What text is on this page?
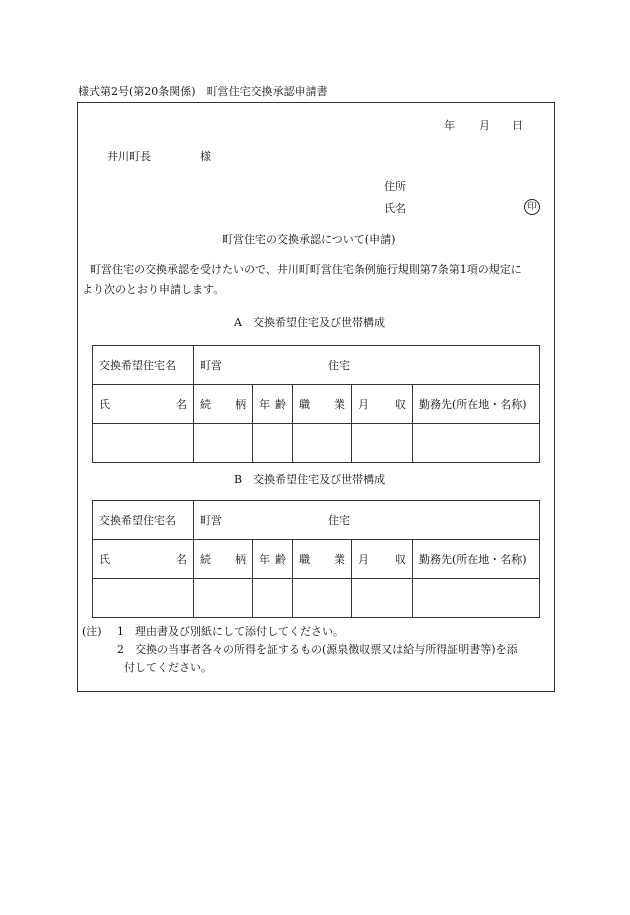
様式第2号(第20条関係)　町営住宅交換承認申請書
年 月 日
井川町長	様
住所
氏名	印
町営住宅の交換承認について(申請)
町営住宅の交換承認を受けたいので、井川町町営住宅条例施行規則第7条第1項の規定に
より次のとおり申請します。
A　交換希望住宅及び世帯構成
交換希望住宅名	町営 住宅				

氏 名	続 柄	年 齢	職 業	月 収	勤務先(所在地・名称)

B　交換希望住宅及び世帯構成
交換希望住宅名	町営 住宅				

氏 名	続 柄	年 齢	職 業	月 収	勤務先(所在地・名称)

(注) 1　理由書及び別紙にして添付してください。
2　交換の当事者各々の所得を証するもの(源泉徴収票又は給与所得証明書等)を添
付してください。
